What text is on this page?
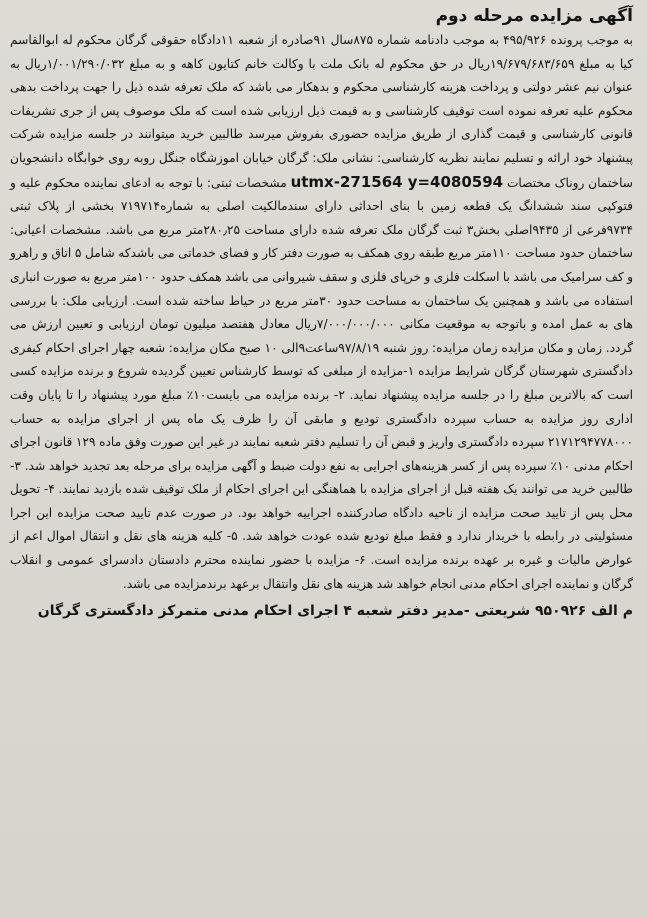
آگهی مزایده مرحله دوم

به موجب پرونده ۴۹۵/۹۲۶ به موجب دادنامه شماره ۸۷۵سال ۹۱صادره از شعبه ۱۱دادگاه حقوقی گرگان محکوم له ابوالقاسم کیا به مبلغ ۱۹/۶۷۹/۶۸۳/۶۵۹ریال در حق محکوم له بانک ملت با وکالت خانم کتایون کاهه و به مبلغ ۱/۰۰۱/۲۹۰/۰۳۲ریال به عنوان نیم عشر دولتی و پرداخت هزینه کارشناسی محکوم و بدهکار می باشد که ملک تعرفه شده ذیل را جهت پرداخت بدهی محکوم علیه تعرفه نموده است توقیف کارشناسی و به قیمت ذیل ارزیابی شده است که ملک موصوف پس از جری تشریفات قانونی کارشناسی و قیمت گذاری از طریق مزایده حضوری بفروش میرسد طالبین خرید میتوانند در جلسه مزایده شرکت پیشنهاد خود ارائه و تسلیم نمایند نظریه کارشناسی: نشانی ملک: گرگان خیابان اموزشگاه جنگل روبه روی خوابگاه دانشجویان ساختمان روناک مختصات utmx-271564 y=4080594 مشخصات ثبتی: با توجه به ادعای نماینده محکوم علیه و فتوکپی سند ششدانگ یک قطعه زمین با بنای احداثی دارای سندمالکیت اصلی به شماره۷۱۹۷۱۴ بخشی از پلاک ثبتی ۹۷۳۴فرعی از ۹۴۳۵اصلی بخش۳ ثبت گرگان ملک تعرفه شده دارای مساحت ۲۸۰٫۲۵متر مربع می باشد. مشخصات اعیانی: ساختمان حدود مساحت ۱۱۰متر مربع طبقه روی همکف به صورت دفتر کار و فضای خدماتی می باشدکه شامل ۵ اتاق و راهرو و کف سرامیک می باشد با اسکلت فلزی و خرپای فلزی و سقف شیروانی می باشد همکف حدود ۱۰۰متر مربع به صورت انباری استفاده می باشد و همچنین یک ساختمان به مساحت حدود ۳۰متر مربع در حیاط ساخته شده است. ارزیابی ملک: با بررسی های به عمل امده و باتوجه به موقعیت مکانی ۷/۰۰۰/۰۰۰/۰۰۰ریال معادل هفتصد میلیون تومان ارزیابی و تعیین ارزش می گردد. زمان و مکان مزایده زمان مزایده: روز شنبه ۹۷/۸/۱۹ساعت۹الی ۱۰ صبح مکان مزایده: شعبه چهار اجرای احکام کیفری دادگستری شهرستان گرگان شرایط مزایده ۱-مزایده از مبلغی که توسط کارشناس تعیین گردیده شروع و برنده مزایده کسی است که بالاترین مبلغ را در جلسه مزایده پیشنهاد نماید. ۲- برنده مزایده می بایست۱۰٪ مبلغ مورد پیشنهاد را تا پایان وقت اداری روز مزایده به حساب سپرده دادگستری تودیع و مابقی آن را ظرف یک ماه پس از اجرای مزایده به حساب ۲۱۷۱۲۹۴۷۷۸۰۰۰ سپرده دادگستری واریز و قبض آن را تسلیم دفتر شعبه نمایند در غیر این صورت وفق ماده ۱۲۹ قانون اجرای احکام مدنی ۱۰٪ سپرده پس از کسر هزینه‌های اجرایی به نفع دولت ضبط و آگهی مزایده برای مرحله بعد تجدید خواهد شد. ۳- طالبین خرید می توانند یک هفته قبل از اجرای مزایده با هماهنگی این اجرای احکام از ملک توقیف شده بازدید نمایند. ۴- تحویل محل پس از تایید صحت مزایده از ناحیه دادگاه صادرکننده اجراییه خواهد بود. در صورت عدم تایید صحت مزایده این اجرا مسئولیتی در رابطه با خریدار ندارد و فقط مبلغ تودیع شده عودت خواهد شد. ۵- کلیه هزینه های نقل و انتقال اموال اعم از عوارض مالیات و غیره بر عهده برنده مزایده است. ۶- مزایده با حضور نماینده محترم دادستان دادسرای عمومی و انقلاب گرگان و نماینده اجرای احکام مدنی انجام خواهد شد هزینه های نقل وانتقال برعهد برندمزایده می باشد.

م الف ۹۵۰۹۲۶ شریعتی -مدیر دفتر شعبه ۴ اجرای احکام مدنی متمرکز دادگستری گرگان
